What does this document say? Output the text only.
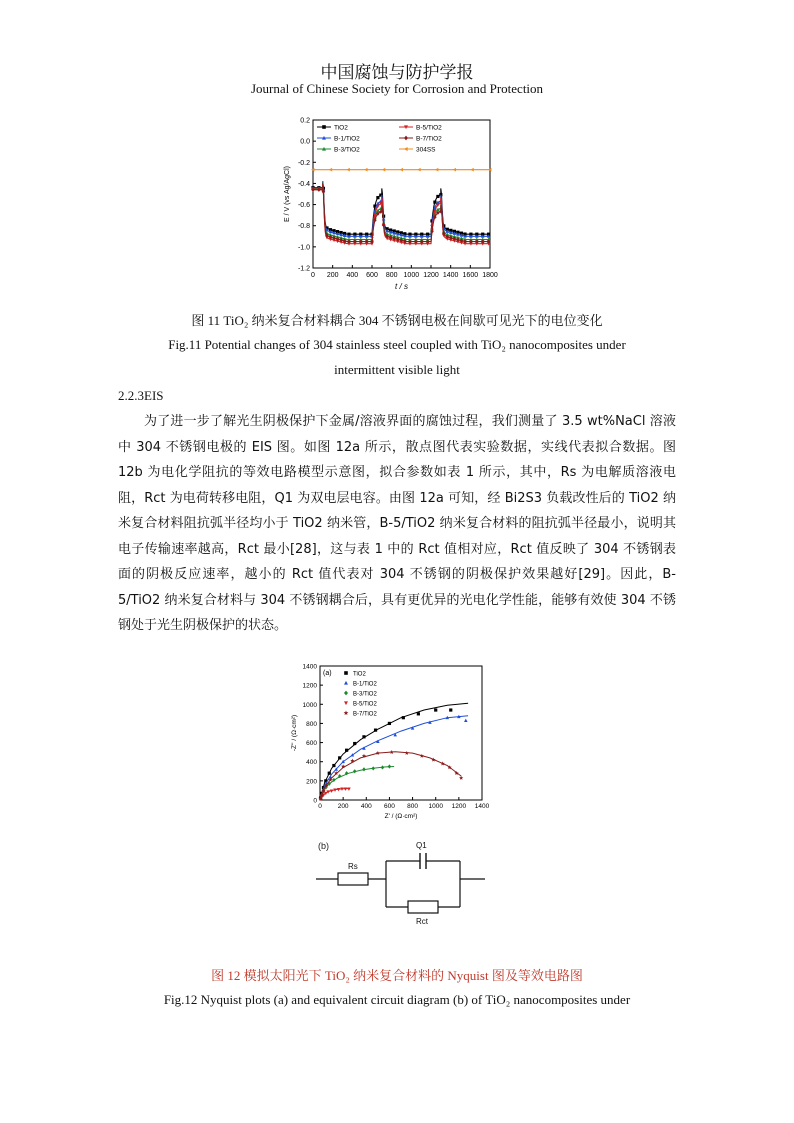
中国腐蚀与防护学报
Journal of Chinese Society for Corrosion and Protection
0.2
0.0
-0.2
-0.4
-0.6
-0.8
-1.0
-1.2
0 200 400 600 800 1000 1200 1400 1600 1800
t / s
E / V (vs Ag/AgCl)
TiO2
B-1/TiO2
B-3/TiO2
B-5/TiO2
B-7/TiO2
304SS
图 11 TiO₂ 纳米复合材料耦合 304 不锈钢电极在间歇可见光下的电位变化
Fig.11 Potential changes of 304 stainless steel coupled with TiO₂ nanocomposites under
intermittent visible light
2.2.3EIS

为了进一步了解光生阴极保护下金属/溶液界面的腐蚀过程，我们测量了 3.5 wt%NaCl 溶液中 304 不锈钢电极的 EIS 图。如图 12a 所示，散点图代表实验数据，实线代表拟合数据。图 12b 为电化学阻抗的等效电路模型示意图，拟合参数如表 1 所示，其中，Rs 为电解质溶液电阻，Rct 为电荷转移电阻，Q1 为双电层电容。由图 12a 可知，经 Bi2S3 负载改性后的 TiO2 纳米复合材料阻抗弧半径均小于 TiO2 纳米管，B-5/TiO2 纳米复合材料的阻抗弧半径最小，说明其电子传输速率越高，Rct 最小[28]，这与表 1 中的 Rct 值相对应，Rct 值反映了 304 不锈钢表面的阴极反应速率，越小的 Rct 值代表对 304 不锈钢的阴极保护效果越好[29]。因此，B-5/TiO2 纳米复合材料与 304 不锈钢耦合后，具有更优异的光电化学性能，能够有效使 304 不锈钢处于光生阴极保护的状态。

0
200
400
600
800
1000
1200
1400
0 200 400 600 800 1000 1200 1400
Z' / (Ω·cm²)
-Z'' / (Ω·cm²)
(a)	TiO2
B-1/TiO2
B-3/TiO2
B-5/TiO2
B-7/TiO2
(b)
Rs
Q1
Rct
图 12 模拟太阳光下 TiO₂ 纳米复合材料的 Nyquist 图及等效电路图
Fig.12 Nyquist plots (a) and equivalent circuit diagram (b) of TiO₂ nanocomposites under
